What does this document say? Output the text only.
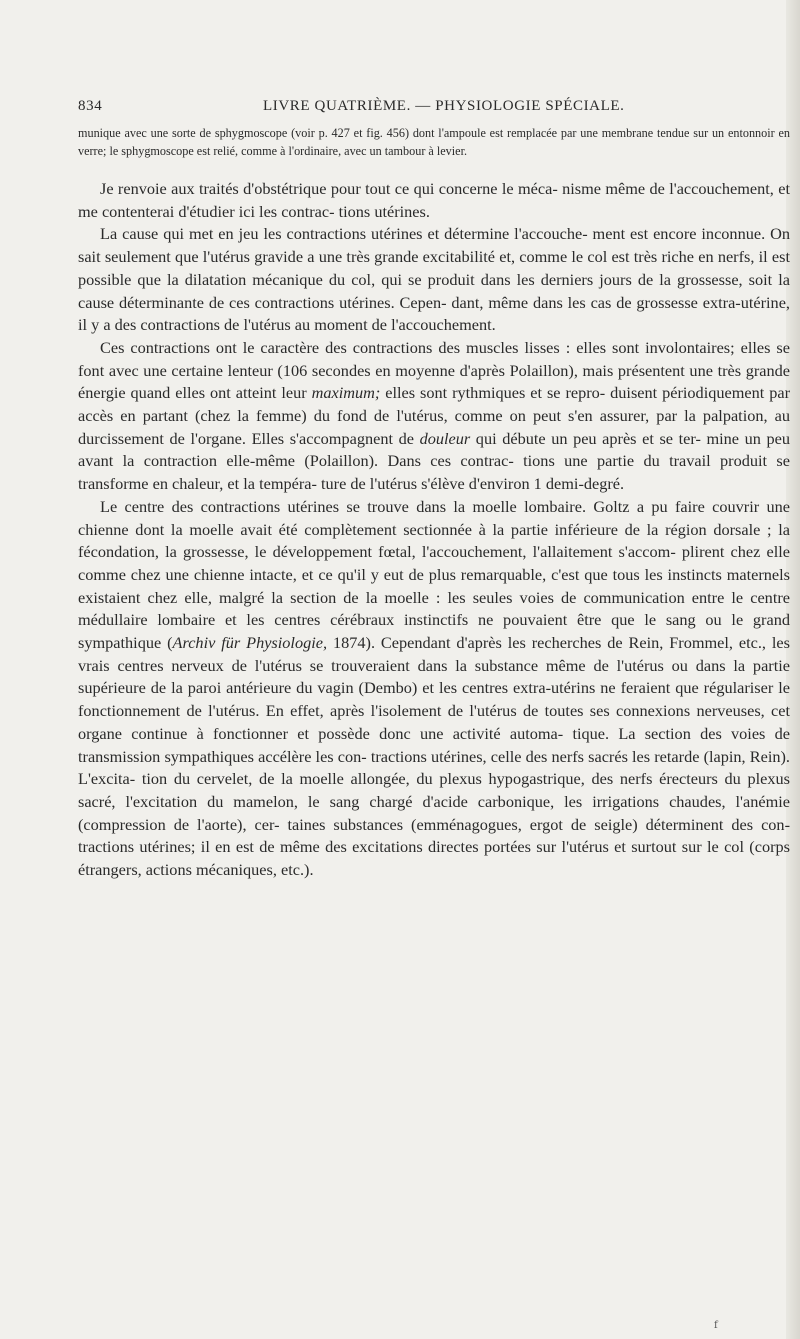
834	LIVRE QUATRIÈME. — PHYSIOLOGIE SPÉCIALE.
munique avec une sorte de sphygmoscope (voir p. 427 et fig. 456) dont l'ampoule est remplacée par une membrane tendue sur un entonnoir en verre; le sphygmoscope est relié, comme à l'ordinaire, avec un tambour à levier.

Je renvoie aux traités d'obstétrique pour tout ce qui concerne le méca- nisme même de l'accouchement, et me contenterai d'étudier ici les contrac- tions utérines.

La cause qui met en jeu les contractions utérines et détermine l'accouche- ment est encore inconnue. On sait seulement que l'utérus gravide a une très grande excitabilité et, comme le col est très riche en nerfs, il est possible que la dilatation mécanique du col, qui se produit dans les derniers jours de la grossesse, soit la cause déterminante de ces contractions utérines. Cepen- dant, même dans les cas de grossesse extra-utérine, il y a des contractions de l'utérus au moment de l'accouchement.

Ces contractions ont le caractère des contractions des muscles lisses : elles sont involontaires; elles se font avec une certaine lenteur (106 secondes en moyenne d'après Polaillon), mais présentent une très grande énergie quand elles ont atteint leur maximum; elles sont rythmiques et se repro- duisent périodiquement par accès en partant (chez la femme) du fond de l'utérus, comme on peut s'en assurer, par la palpation, au durcissement de l'organe. Elles s'accompagnent de douleur qui débute un peu après et se ter- mine un peu avant la contraction elle-même (Polaillon). Dans ces contrac- tions une partie du travail produit se transforme en chaleur, et la tempéra- ture de l'utérus s'élève d'environ 1 demi-degré.

Le centre des contractions utérines se trouve dans la moelle lombaire. Goltz a pu faire couvrir une chienne dont la moelle avait été complètement sectionnée à la partie inférieure de la région dorsale ; la fécondation, la grossesse, le développement fœtal, l'accouchement, l'allaitement s'accom- plirent chez elle comme chez une chienne intacte, et ce qu'il y eut de plus remarquable, c'est que tous les instincts maternels existaient chez elle, malgré la section de la moelle : les seules voies de communication entre le centre médullaire lombaire et les centres cérébraux instinctifs ne pouvaient être que le sang ou le grand sympathique (Archiv für Physiologie, 1874). Cependant d'après les recherches de Rein, Frommel, etc., les vrais centres nerveux de l'utérus se trouveraient dans la substance même de l'utérus ou dans la partie supérieure de la paroi antérieure du vagin (Dembo) et les centres extra-utérins ne feraient que régulariser le fonctionnement de l'utérus. En effet, après l'isolement de l'utérus de toutes ses connexions nerveuses, cet organe continue à fonctionner et possède donc une activité automa- tique. La section des voies de transmission sympathiques accélère les con- tractions utérines, celle des nerfs sacrés les retarde (lapin, Rein). L'excita- tion du cervelet, de la moelle allongée, du plexus hypogastrique, des nerfs érecteurs du plexus sacré, l'excitation du mamelon, le sang chargé d'acide carbonique, les irrigations chaudes, l'anémie (compression de l'aorte), cer- taines substances (emménagogues, ergot de seigle) déterminent des con- tractions utérines; il en est de même des excitations directes portées sur l'utérus et surtout sur le col (corps étrangers, actions mécaniques, etc.).

f
